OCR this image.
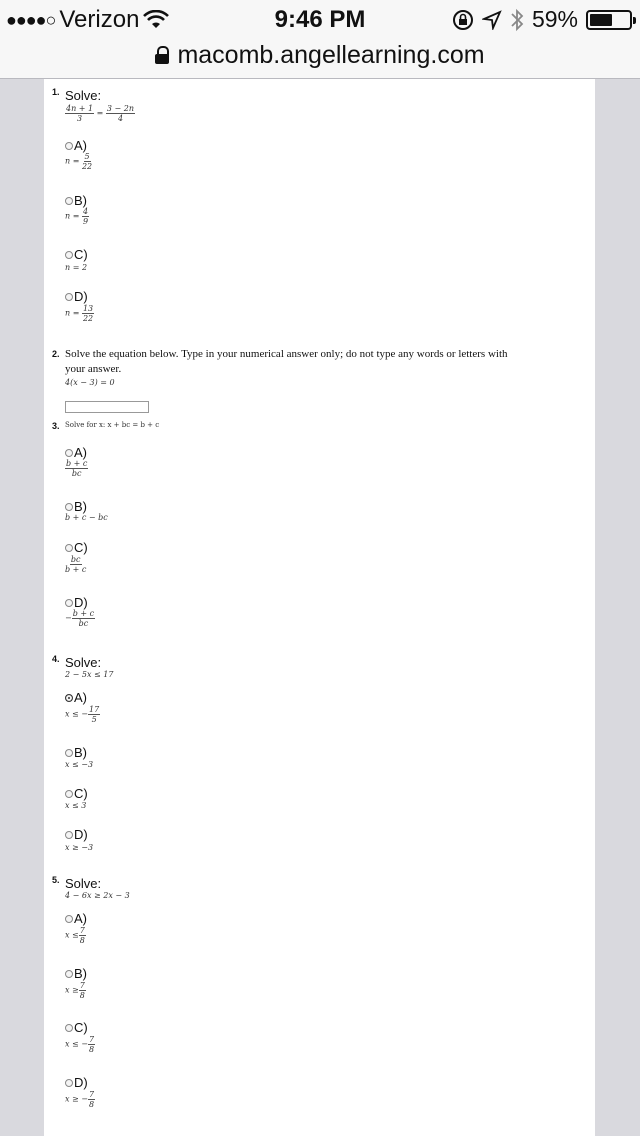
●●●●○ Verizon	9:46 PM	59%
macomb.angellearning.com
1. Solve:
$\frac{4n + 1}{3} = \frac{3 - 2n}{4}$
A)
$n = \frac{5}{22}$
B)
$n = \frac{4}{9}$
C)
n = 2
D)
$n = \frac{13}{22}$
2. Solve the equation below. Type in your numerical answer only; do not type any words or letters with
your answer.
4(x − 3) = 0
3. Solve for x: x + bc = b + c
A)
$\frac{b + c}{bc}$
B)
b + c − bc
C)
$\frac{bc}{b + c}$
D)
− $\frac{b + c}{bc}$
4. Solve:
2 − 5x ≤ 17
A)
x ≤ − $\frac{17}{5}$
B)
x ≤ −3
C)
x ≤ 3
D)
x ≥ −3
5. Solve:
4 − 6x ≥ 2x − 3
A)
$x \le \frac{7}{8}$
B)
$x \ge \frac{7}{8}$
C)
x ≤ − $\frac{7}{8}$
D)
x ≥ − $\frac{7}{8}$
